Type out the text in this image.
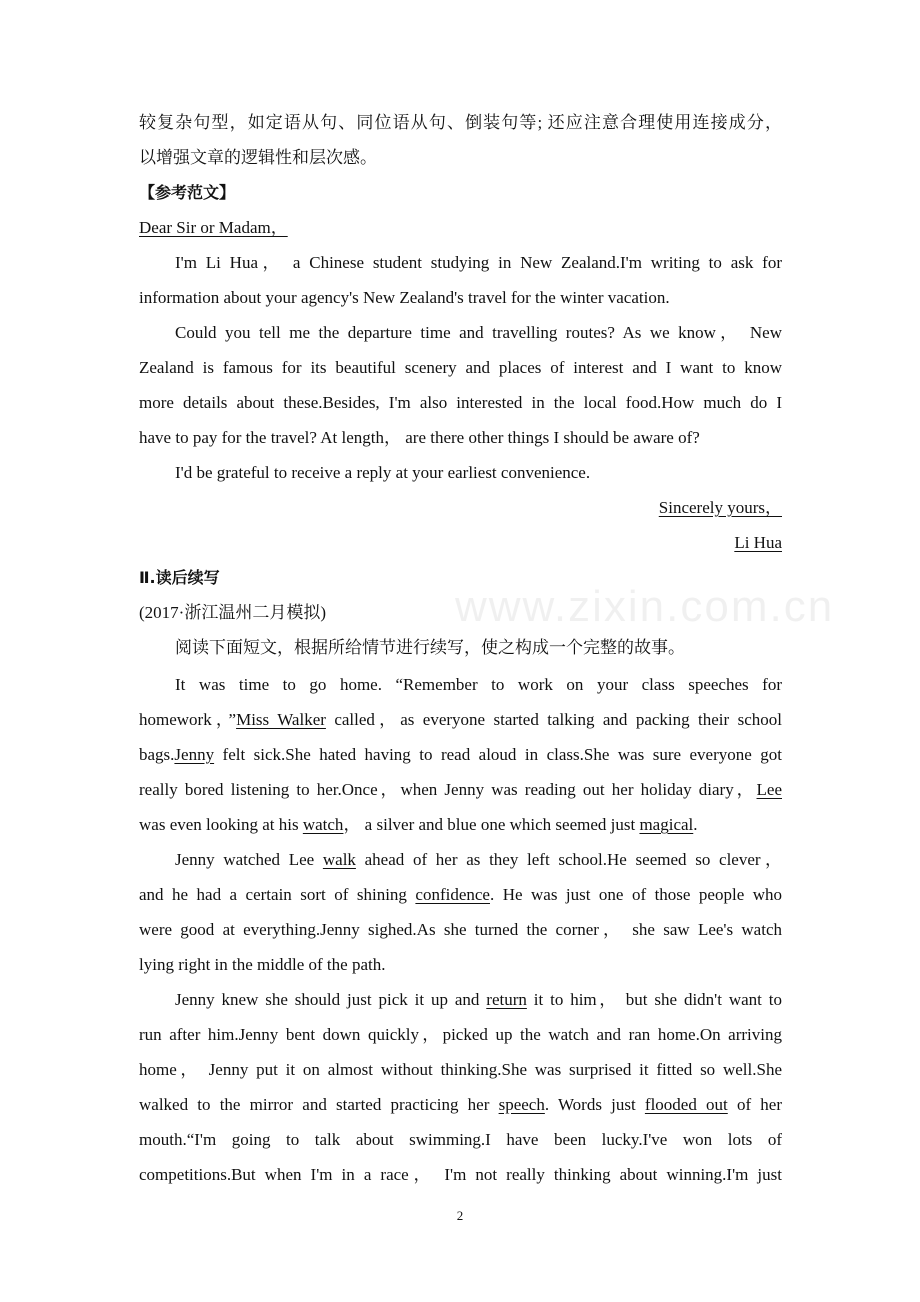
www.zixin.com.cn
较复杂句型，如定语从句、同位语从句、倒装句等; 还应注意合理使用连接成分，
以增强文章的逻辑性和层次感。
【参考范文】
Dear Sir or Madam，
I'm Li Hua， a Chinese student studying in New Zealand.I'm writing to ask for
information about your agency's New Zealand's travel for the winter vacation.
Could you tell me the departure time and travelling routes? As we know， New
Zealand is famous for its beautiful scenery and places of interest and I want to know
more details about these.Besides, I'm also interested in the local food.How much do I
have to pay for the travel? At length， are there other things I should be aware of?
I'd be grateful to receive a reply at your earliest convenience.
Sincerely yours，
Li Hua
Ⅱ.读后续写
(2017·浙江温州二月模拟)
阅读下面短文，根据所给情节进行续写，使之构成一个完整的故事。
It was time to go home. “Remember to work on your class speeches for
homework，”Miss Walker called，as everyone started talking and packing their school
bags.Jenny felt sick.She hated having to read aloud in class.She was sure everyone got
really bored listening to her.Once，when Jenny was reading out her holiday diary，Lee
was even looking at his watch， a silver and blue one which seemed just magical.
Jenny watched Lee walk ahead of her as they left school.He seemed so clever，
and he had a certain sort of shining confidence. He was just one of those people who
were good at everything.Jenny sighed.As she turned the corner， she saw Lee's watch
lying right in the middle of the path.
Jenny knew she should just pick it up and return it to him， but she didn't want to
run after him.Jenny bent down quickly，picked up the watch and ran home.On arriving
home， Jenny put it on almost without thinking.She was surprised it fitted so well.She
walked to the mirror and started practicing her speech. Words just flooded out of her
mouth.“I'm going to talk about swimming.I have been lucky.I've won lots of
competitions.But when I'm in a race， I'm not really thinking about winning.I'm just
2
